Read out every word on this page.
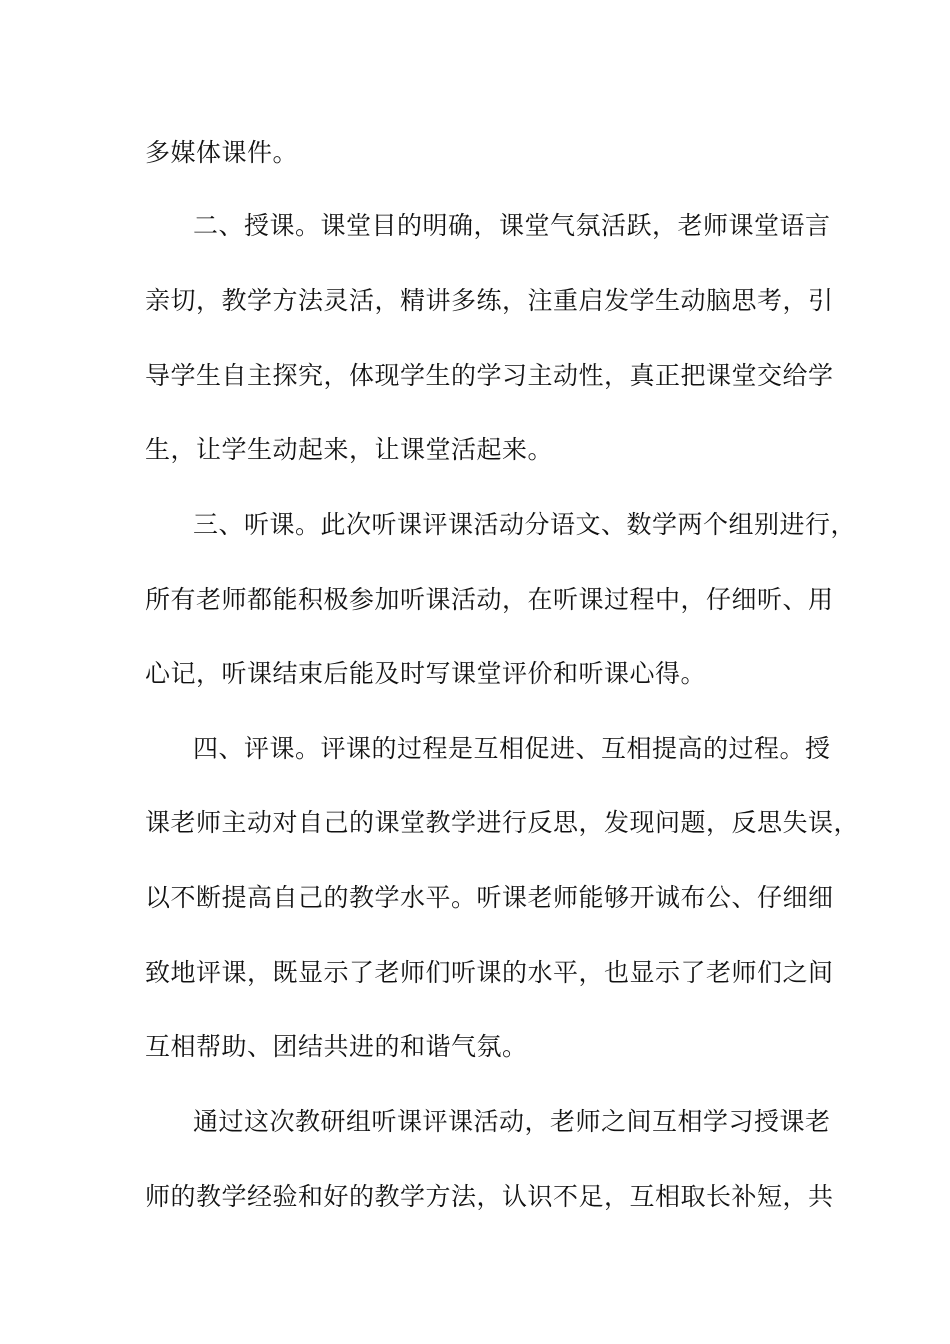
多媒体课件。
二、授课。课堂目的明确，课堂气氛活跃，老师课堂语言
亲切，教学方法灵活，精讲多练，注重启发学生动脑思考，引
导学生自主探究，体现学生的学习主动性，真正把课堂交给学
生，让学生动起来，让课堂活起来。
三、听课。此次听课评课活动分语文、数学两个组别进行，
所有老师都能积极参加听课活动，在听课过程中，仔细听、用
心记，听课结束后能及时写课堂评价和听课心得。
四、评课。评课的过程是互相促进、互相提高的过程。授
课老师主动对自己的课堂教学进行反思，发现问题，反思失误，
以不断提高自己的教学水平。听课老师能够开诚布公、仔细细
致地评课，既显示了老师们听课的水平，也显示了老师们之间
互相帮助、团结共进的和谐气氛。
通过这次教研组听课评课活动，老师之间互相学习授课老
师的教学经验和好的教学方法，认识不足，互相取长补短，共
